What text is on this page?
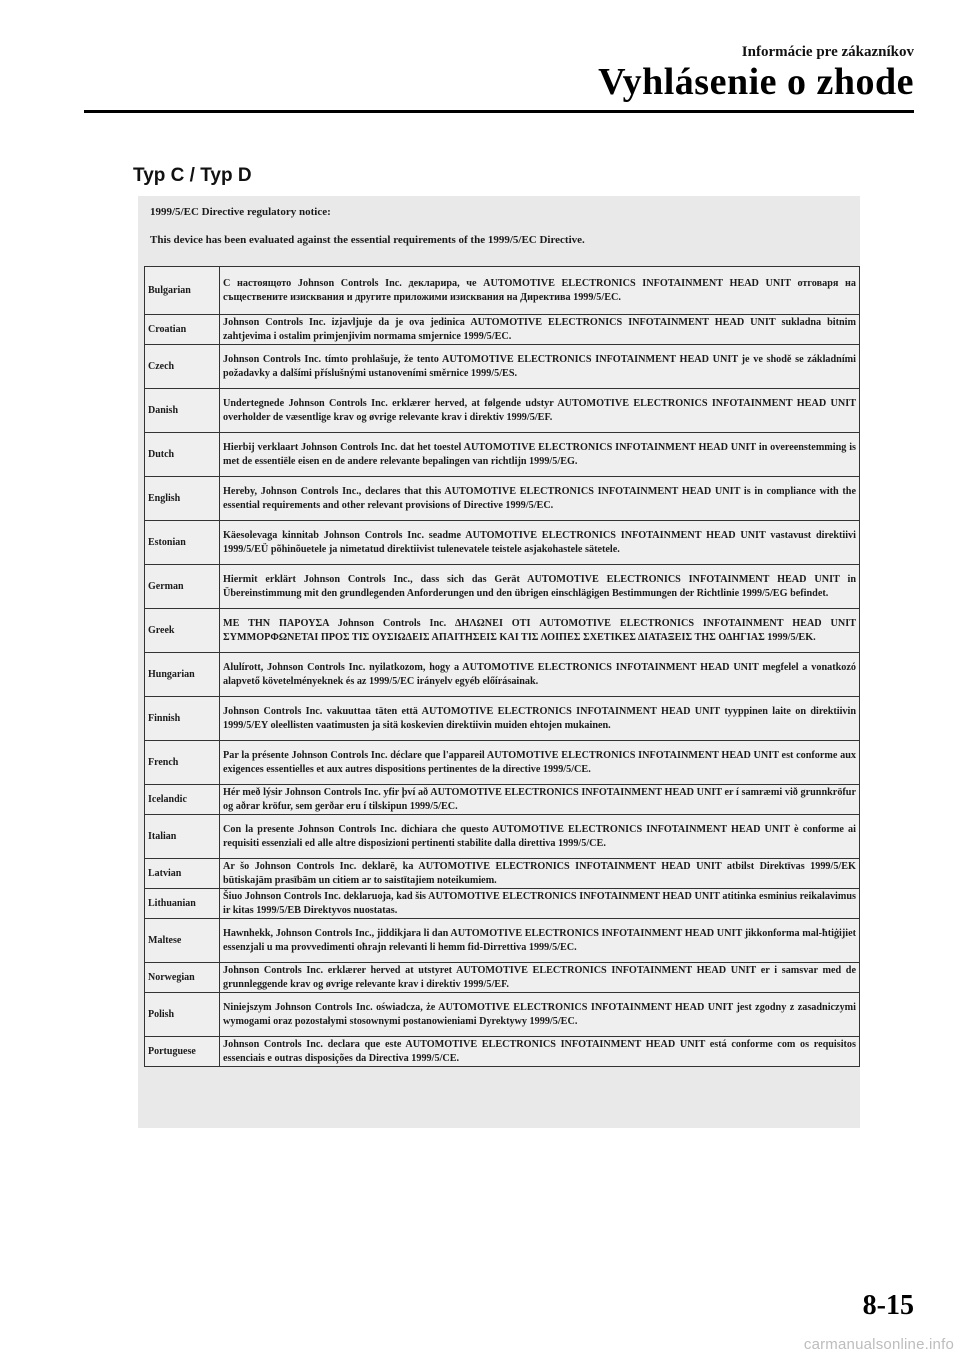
Informácie pre zákazníkov
Vyhlásenie o zhode
Typ C / Typ D
1999/5/EC Directive regulatory notice:
This device has been evaluated against the essential requirements of the 1999/5/EC Directive.
Bulgarian	С настоящото Johnson Controls Inc. декларира, че AUTOMOTIVE ELECTRONICS INFOTAINMENT HEAD UNIT отговаря на съществените изисквания и другите приложими изисквания на Директива 1999/5/ЕС.
Croatian	Johnson Controls Inc. izjavljuje da je ova jedinica AUTOMOTIVE ELECTRONICS INFOTAINMENT HEAD UNIT sukladna bitnim zahtjevima i ostalim primjenjivim normama smjernice 1999/5/EC.
Czech	Johnson Controls Inc. tímto prohlašuje, že tento AUTOMOTIVE ELECTRONICS INFOTAINMENT HEAD UNIT je ve shodě se základními požadavky a dalšími příslušnými ustanoveními směrnice 1999/5/ES.
Danish	Undertegnede Johnson Controls Inc. erklærer herved, at følgende udstyr AUTOMOTIVE ELECTRONICS INFOTAINMENT HEAD UNIT overholder de væsentlige krav og øvrige relevante krav i direktiv 1999/5/EF.
Dutch	Hierbij verklaart Johnson Controls Inc. dat het toestel AUTOMOTIVE ELECTRONICS INFOTAINMENT HEAD UNIT in overeenstemming is met de essentiële eisen en de andere relevante bepalingen van richtlijn 1999/5/EG.
English	Hereby, Johnson Controls Inc., declares that this AUTOMOTIVE ELECTRONICS INFOTAINMENT HEAD UNIT is in compliance with the essential requirements and other relevant provisions of Directive 1999/5/EC.
Estonian	Käesolevaga kinnitab Johnson Controls Inc. seadme AUTOMOTIVE ELECTRONICS INFOTAINMENT HEAD UNIT vastavust direktiivi 1999/5/EÜ põhinõuetele ja nimetatud direktiivist tulenevatele teistele asjakohastele sätetele.
German	Hiermit erklärt Johnson Controls Inc., dass sich das Gerät AUTOMOTIVE ELECTRONICS INFOTAINMENT HEAD UNIT in Übereinstimmung mit den grundlegenden Anforderungen und den übrigen einschlägigen Bestimmungen der Richtlinie 1999/5/EG befindet.
Greek	ΜΕ ΤΗΝ ΠΑΡΟΥΣΑ Johnson Controls Inc. ΔΗΛΩΝΕΙ ΟΤΙ AUTOMOTIVE ELECTRONICS INFOTAINMENT HEAD UNIT ΣΥΜΜΟΡΦΩΝΕΤΑΙ ΠΡΟΣ ΤΙΣ ΟΥΣΙΩΔΕΙΣ ΑΠΑΙΤΗΣΕΙΣ ΚΑΙ ΤΙΣ ΛΟΙΠΕΣ ΣΧΕΤΙΚΕΣ ΔΙΑΤΑΞΕΙΣ ΤΗΣ ΟΔΗΓΙΑΣ 1999/5/ΕΚ.
Hungarian	Alulírott, Johnson Controls Inc. nyilatkozom, hogy a AUTOMOTIVE ELECTRONICS INFOTAINMENT HEAD UNIT megfelel a vonatkozó alapvető követelményeknek és az 1999/5/EC irányelv egyéb előírásainak.
Finnish	Johnson Controls Inc. vakuuttaa täten että AUTOMOTIVE ELECTRONICS INFOTAINMENT HEAD UNIT tyyppinen laite on direktiivin 1999/5/EY oleellisten vaatimusten ja sitä koskevien direktiivin muiden ehtojen mukainen.
French	Par la présente Johnson Controls Inc. déclare que l'appareil AUTOMOTIVE ELECTRONICS INFOTAINMENT HEAD UNIT est conforme aux exigences essentielles et aux autres dispositions pertinentes de la directive 1999/5/CE.
Icelandic	Hér með lýsir Johnson Controls Inc. yfir því að AUTOMOTIVE ELECTRONICS INFOTAINMENT HEAD UNIT er í samræmi við grunnkröfur og aðrar kröfur, sem gerðar eru í tilskipun 1999/5/EC.
Italian	Con la presente Johnson Controls Inc. dichiara che questo AUTOMOTIVE ELECTRONICS INFOTAINMENT HEAD UNIT è conforme ai requisiti essenziali ed alle altre disposizioni pertinenti stabilite dalla direttiva 1999/5/CE.
Latvian	Ar šo Johnson Controls Inc. deklarē, ka AUTOMOTIVE ELECTRONICS INFOTAINMENT HEAD UNIT atbilst Direktīvas 1999/5/EK būtiskajām prasībām un citiem ar to saistītajiem noteikumiem.
Lithuanian	Šiuo Johnson Controls Inc. deklaruoja, kad šis AUTOMOTIVE ELECTRONICS INFOTAINMENT HEAD UNIT atitinka esminius reikalavimus ir kitas 1999/5/EB Direktyvos nuostatas.
Maltese	Hawnhekk, Johnson Controls Inc., jiddikjara li dan AUTOMOTIVE ELECTRONICS INFOTAINMENT HEAD UNIT jikkonforma mal-ħtiġijiet essenzjali u ma provvedimenti oħrajn relevanti li hemm fid-Dirrettiva 1999/5/EC.
Norwegian	Johnson Controls Inc. erklærer herved at utstyret AUTOMOTIVE ELECTRONICS INFOTAINMENT HEAD UNIT er i samsvar med de grunnleggende krav og øvrige relevante krav i direktiv 1999/5/EF.
Polish	Niniejszym Johnson Controls Inc. oświadcza, że AUTOMOTIVE ELECTRONICS INFOTAINMENT HEAD UNIT jest zgodny z zasadniczymi wymogami oraz pozostałymi stosownymi postanowieniami Dyrektywy 1999/5/EC.
Portuguese	Johnson Controls Inc. declara que este AUTOMOTIVE ELECTRONICS INFOTAINMENT HEAD UNIT está conforme com os requisitos essenciais e outras disposições da Directiva 1999/5/CE.
8-15
carmanualsonline.info
